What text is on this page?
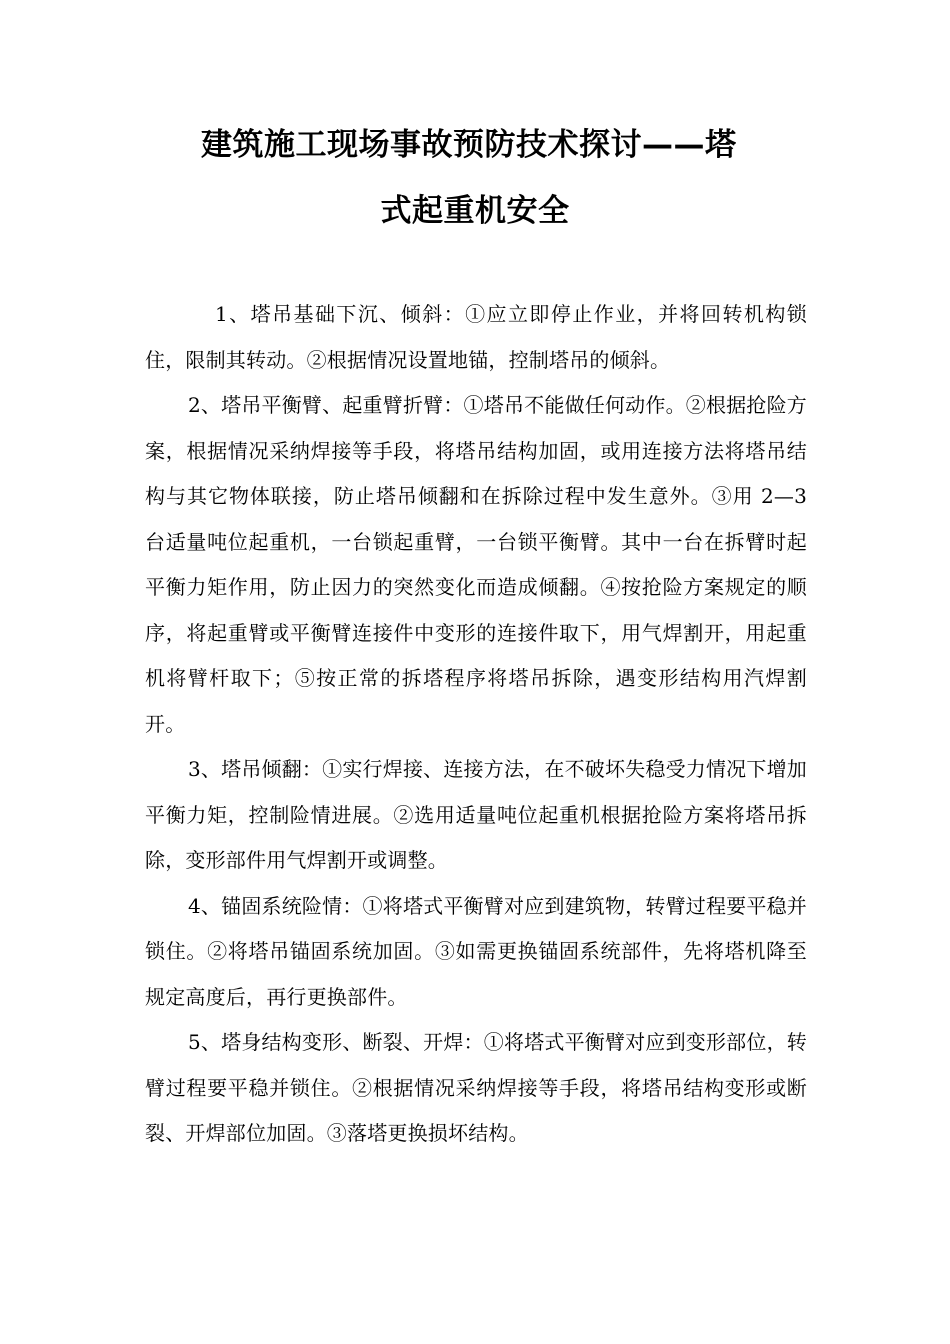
建筑施工现场事故预防技术探讨——塔
式起重机安全

1、塔吊基础下沉、倾斜：①应立即停止作业，并将回转机构锁住，限制其转动。②根据情况设置地锚，控制塔吊的倾斜。

2、塔吊平衡臂、起重臂折臂：①塔吊不能做任何动作。②根据抢险方案，根据情况采纳焊接等手段，将塔吊结构加固，或用连接方法将塔吊结构与其它物体联接，防止塔吊倾翻和在拆除过程中发生意外。③用 2—3 台适量吨位起重机，一台锁起重臂，一台锁平衡臂。其中一台在拆臂时起平衡力矩作用，防止因力的突然变化而造成倾翻。④按抢险方案规定的顺序，将起重臂或平衡臂连接件中变形的连接件取下，用气焊割开，用起重机将臂杆取下；⑤按正常的拆塔程序将塔吊拆除，遇变形结构用汽焊割开。

3、塔吊倾翻：①实行焊接、连接方法，在不破坏失稳受力情况下增加平衡力矩，控制险情进展。②选用适量吨位起重机根据抢险方案将塔吊拆除，变形部件用气焊割开或调整。

4、锚固系统险情：①将塔式平衡臂对应到建筑物，转臂过程要平稳并锁住。②将塔吊锚固系统加固。③如需更换锚固系统部件，先将塔机降至规定高度后，再行更换部件。

5、塔身结构变形、断裂、开焊：①将塔式平衡臂对应到变形部位，转臂过程要平稳并锁住。②根据情况采纳焊接等手段，将塔吊结构变形或断裂、开焊部位加固。③落塔更换损坏结构。
